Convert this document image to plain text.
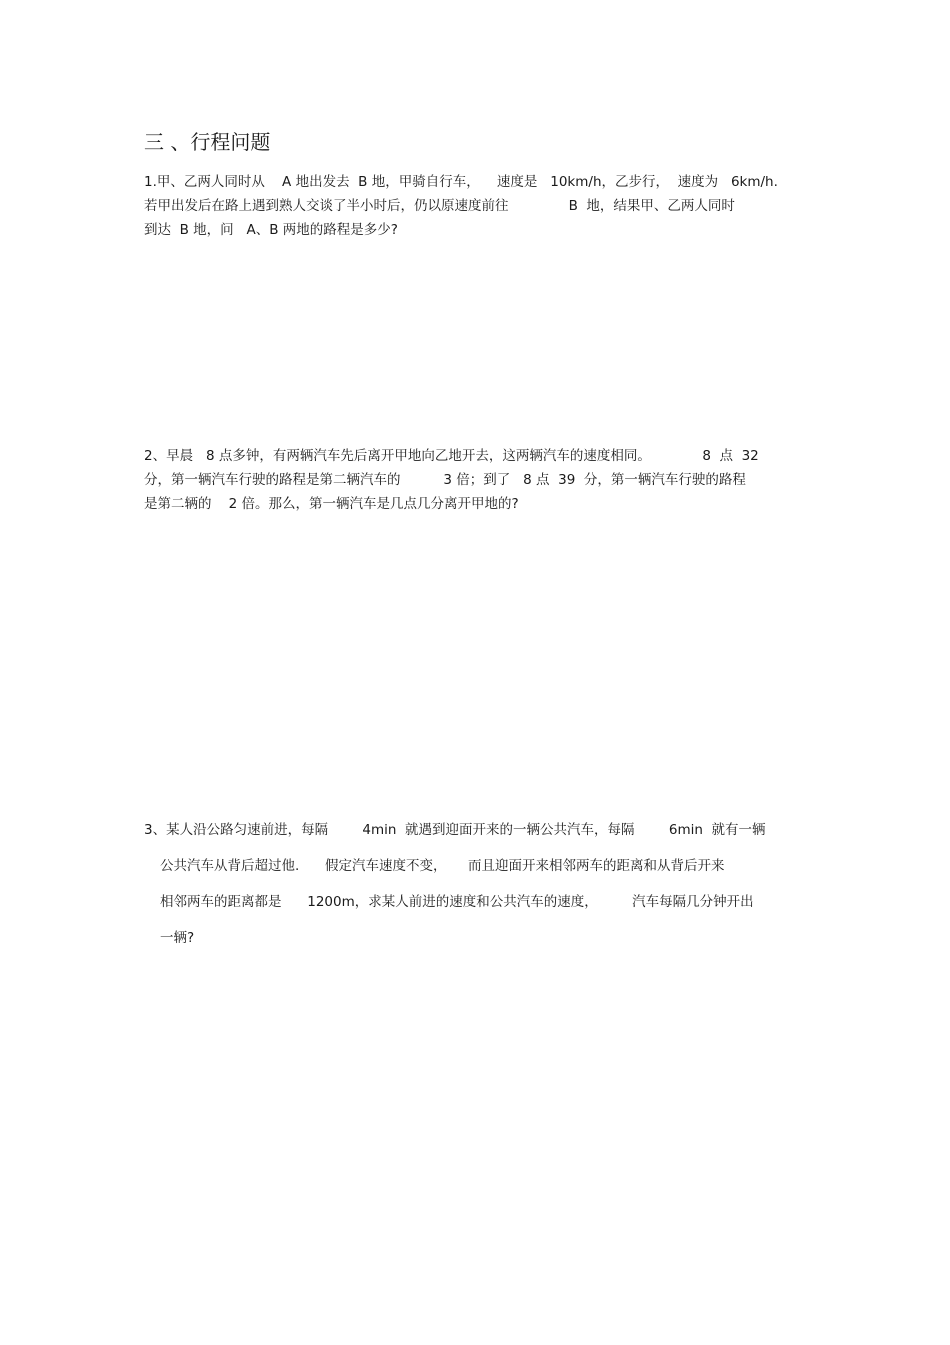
三 、行程问题
1.甲、乙两人同时从    A 地出发去  B 地，甲骑自行车，    速度是   10km/h，乙步行，  速度为   6km/h.
若甲出发后在路上遇到熟人交谈了半小时后，仍以原速度前往              B  地，结果甲、乙两人同时
到达  B 地，问   A、B 两地的路程是多少?
2、早晨   8 点多钟，有两辆汽车先后离开甲地向乙地开去，这两辆汽车的速度相同。            8  点  32
分，第一辆汽车行驶的路程是第二辆汽车的          3 倍；到了   8 点  39  分，第一辆汽车行驶的路程
是第二辆的    2 倍。那么，第一辆汽车是几点几分离开甲地的?
3、某人沿公路匀速前进，每隔        4min  就遇到迎面开来的一辆公共汽车，每隔        6min  就有一辆
公共汽车从背后超过他.      假定汽车速度不变，     而且迎面开来相邻两车的距离和从背后开来
相邻两车的距离都是      1200m，求某人前进的速度和公共汽车的速度，        汽车每隔几分钟开出
一辆?
